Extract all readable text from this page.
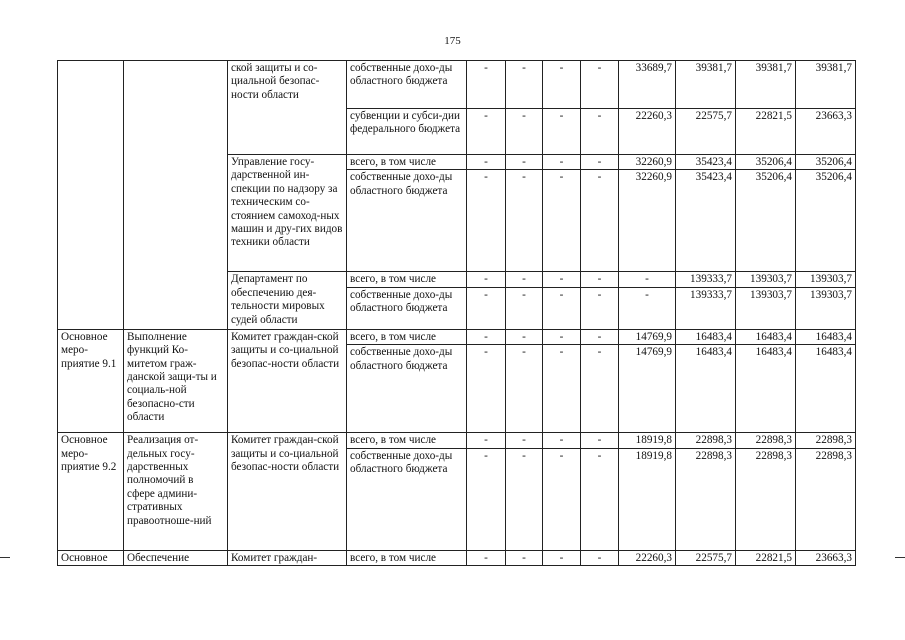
175
		ской защиты и со-циальной безопас-ности области	собственные дохо-ды областного бюджета	-	-	-	-	33689,7	39381,7	39381,7	39381,7
			субвенции и субси-дии федерального бюджета	-	-	-	-	22260,3	22575,7	22821,5	23663,3
		Управление госу-дарственной ин-спекции по надзору за техническим со-стоянием самоход-ных машин и дру-гих видов техники области	всего, в том числе	-	-	-	-	32260,9	35423,4	35206,4	35206,4
			собственные дохо-ды областного бюджета	-	-	-	-	32260,9	35423,4	35206,4	35206,4
		Департамент по обеспечению дея-тельности мировых судей области	всего, в том числе	-	-	-	-	-	139333,7	139303,7	139303,7
			собственные дохо-ды областного бюджета	-	-	-	-	-	139333,7	139303,7	139303,7
Основное меро-приятие 9.1	Выполнение функций Ко-митетом граж-данской защи-ты и социаль-ной безопасно-сти области	Комитет граждан-ской защиты и со-циальной безопас-ности области	всего, в том числе	-	-	-	-	14769,9	16483,4	16483,4	16483,4
			собственные дохо-ды областного бюджета	-	-	-	-	14769,9	16483,4	16483,4	16483,4
Основное меро-приятие 9.2	Реализация от-дельных госу-дарственных полномочий в сфере админи-стративных правоотноше-ний	Комитет граждан-ской защиты и со-циальной безопас-ности области	всего, в том числе	-	-	-	-	18919,8	22898,3	22898,3	22898,3
			собственные дохо-ды областного бюджета	-	-	-	-	18919,8	22898,3	22898,3	22898,3
Основное	Обеспечение	Комитет граждан-	всего, в том числе	-	-	-	-	22260,3	22575,7	22821,5	23663,3
